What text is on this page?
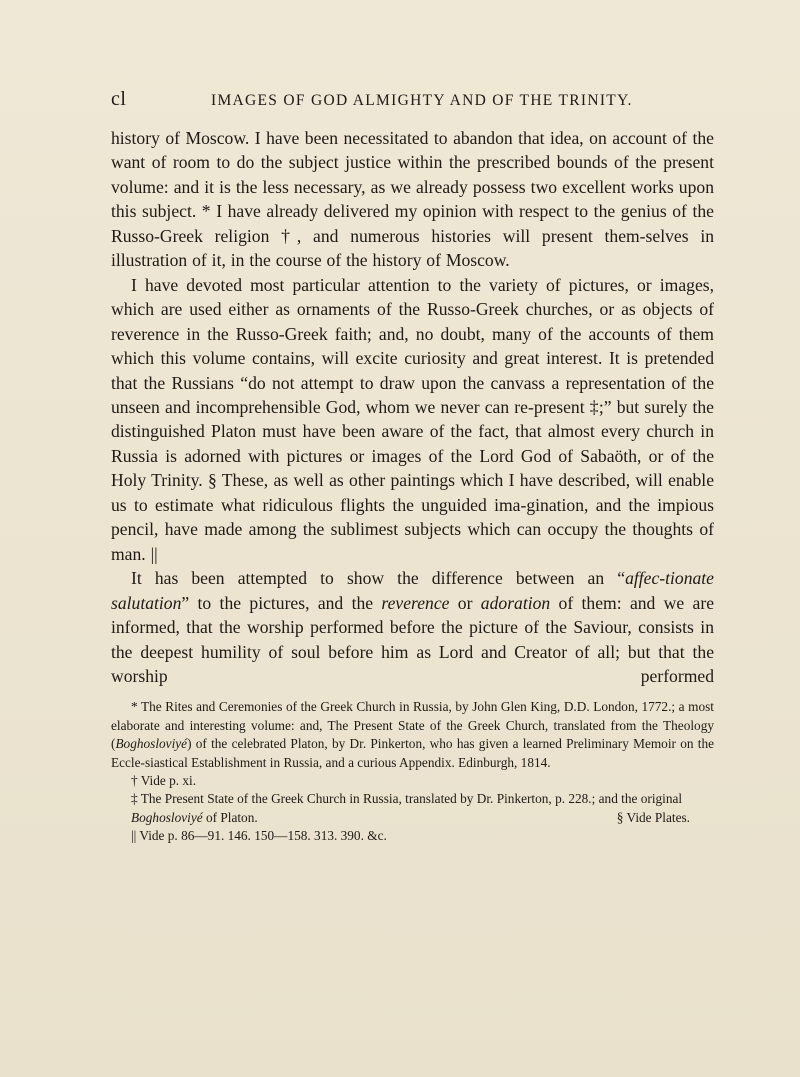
cl	IMAGES OF GOD ALMIGHTY AND OF THE TRINITY.

history of Moscow. I have been necessitated to abandon that idea, on account of the want of room to do the subject justice within the prescribed bounds of the present volume: and it is the less necessary, as we already possess two excellent works upon this subject. * I have already delivered my opinion with respect to the genius of the Russo-Greek religion †, and numerous histories will present them-selves in illustration of it, in the course of the history of Moscow.

I have devoted most particular attention to the variety of pictures, or images, which are used either as ornaments of the Russo-Greek churches, or as objects of reverence in the Russo-Greek faith; and, no doubt, many of the accounts of them which this volume contains, will excite curiosity and great interest. It is pretended that the Russians “do not attempt to draw upon the canvass a representation of the unseen and incomprehensible God, whom we never can re-present ‡;” but surely the distinguished Platon must have been aware of the fact, that almost every church in Russia is adorned with pictures or images of the Lord God of Sabaöth, or of the Holy Trinity. § These, as well as other paintings which I have described, will enable us to estimate what ridiculous flights the unguided ima-gination, and the impious pencil, have made among the sublimest subjects which can occupy the thoughts of man. ||

It has been attempted to show the difference between an “affec-tionate salutation” to the pictures, and the reverence or adoration of them: and we are informed, that the worship performed before the picture of the Saviour, consists in the deepest humility of soul before him as Lord and Creator of all; but that the worship performed

* The Rites and Ceremonies of the Greek Church in Russia, by John Glen King, D.D. London, 1772.; a most elaborate and interesting volume: and, The Present State of the Greek Church, translated from the Theology (Boghosloviyé) of the celebrated Platon, by Dr. Pinkerton, who has given a learned Preliminary Memoir on the Eccle-siastical Establishment in Russia, and a curious Appendix. Edinburgh, 1814.

† Vide p. xi.

‡ The Present State of the Greek Church in Russia, translated by Dr. Pinkerton, p. 228.; and the original

Boghosloviyé of Platon.	§ Vide Plates.

|| Vide p. 86—91. 146. 150—158. 313. 390. &c.
